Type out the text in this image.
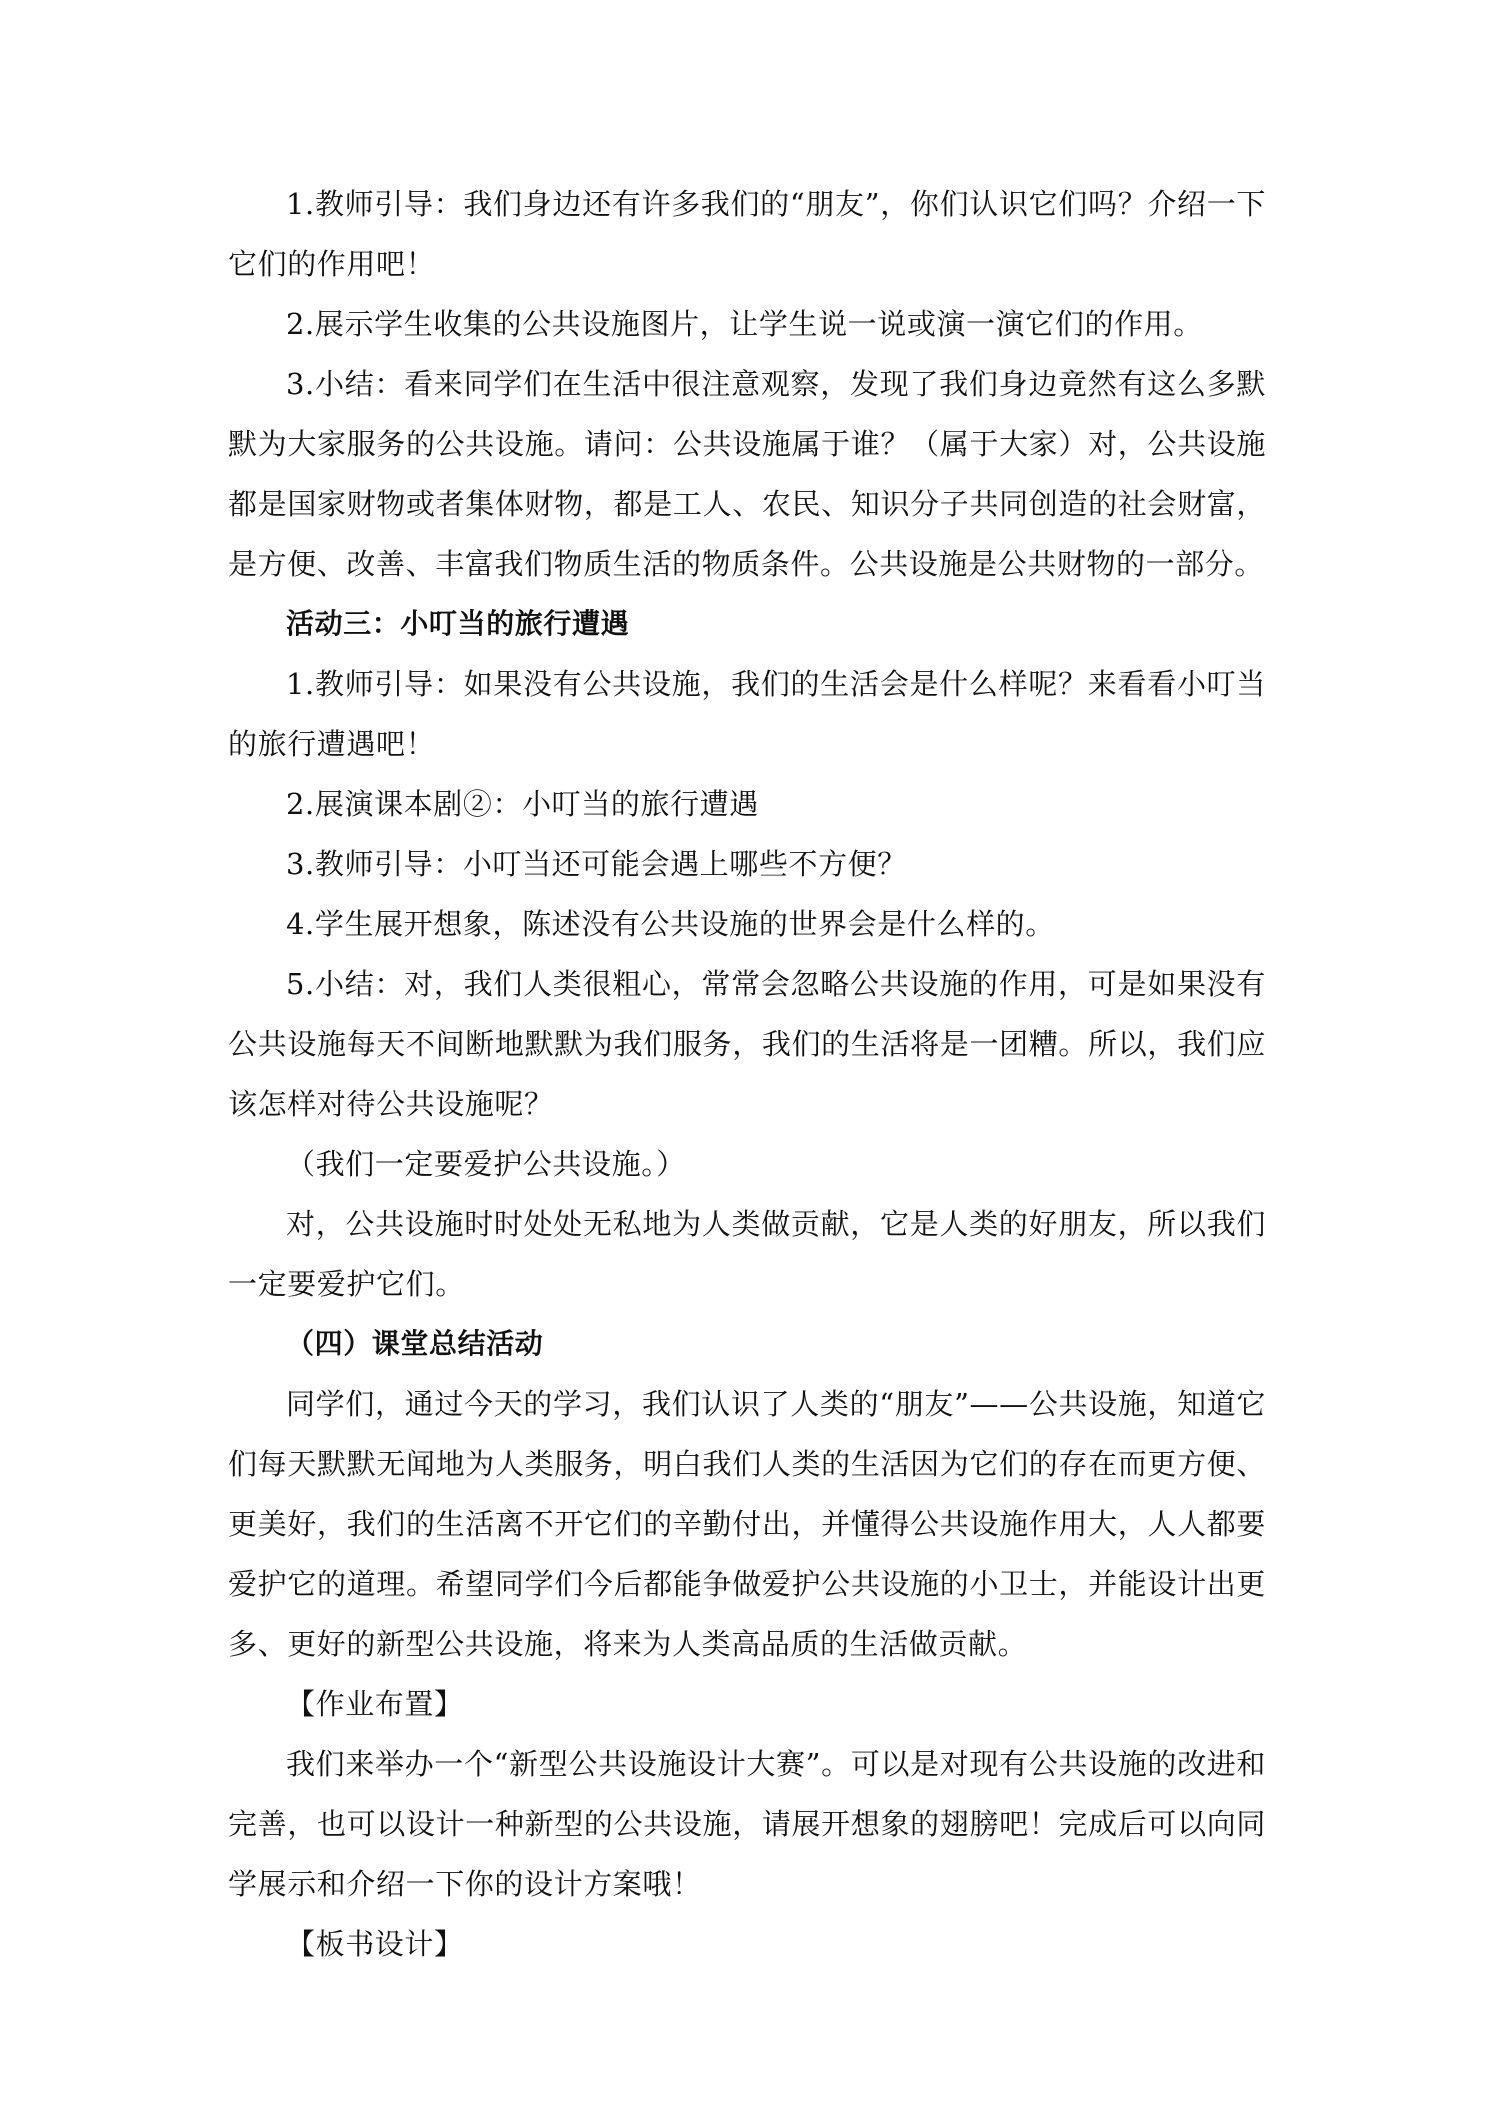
1.教师引导：我们身边还有许多我们的“朋友”，你们认识它们吗？介绍一下它们的作用吧！

2.展示学生收集的公共设施图片，让学生说一说或演一演它们的作用。

3.小结：看来同学们在生活中很注意观察，发现了我们身边竟然有这么多默默为大家服务的公共设施。请问：公共设施属于谁？（属于大家）对，公共设施都是国家财物或者集体财物，都是工人、农民、知识分子共同创造的社会财富，是方便、改善、丰富我们物质生活的物质条件。公共设施是公共财物的一部分。

活动三：小叮当的旅行遭遇

1.教师引导：如果没有公共设施，我们的生活会是什么样呢？来看看小叮当的旅行遭遇吧！

2.展演课本剧②：小叮当的旅行遭遇

3.教师引导：小叮当还可能会遇上哪些不方便？

4.学生展开想象，陈述没有公共设施的世界会是什么样的。

5.小结：对，我们人类很粗心，常常会忽略公共设施的作用，可是如果没有公共设施每天不间断地默默为我们服务，我们的生活将是一团糟。所以，我们应该怎样对待公共设施呢？

（我们一定要爱护公共设施。）

对，公共设施时时处处无私地为人类做贡献，它是人类的好朋友，所以我们一定要爱护它们。

（四）课堂总结活动

同学们，通过今天的学习，我们认识了人类的“朋友”——公共设施，知道它们每天默默无闻地为人类服务，明白我们人类的生活因为它们的存在而更方便、更美好，我们的生活离不开它们的辛勤付出，并懂得公共设施作用大，人人都要爱护它的道理。希望同学们今后都能争做爱护公共设施的小卫士，并能设计出更多、更好的新型公共设施，将来为人类高品质的生活做贡献。

【作业布置】

我们来举办一个“新型公共设施设计大赛”。可以是对现有公共设施的改进和完善，也可以设计一种新型的公共设施，请展开想象的翅膀吧！完成后可以向同学展示和介绍一下你的设计方案哦！

【板书设计】
